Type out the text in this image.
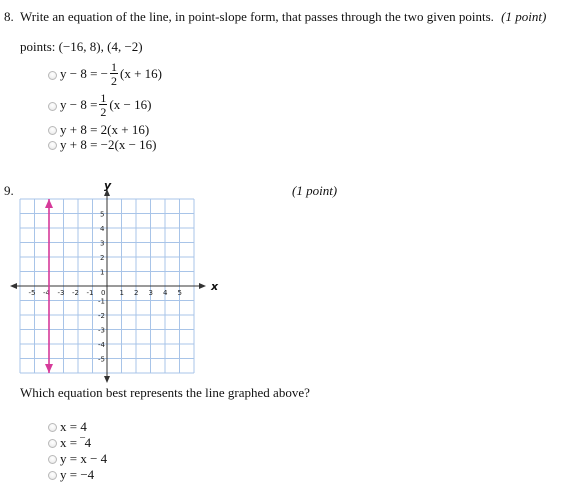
8. Write an equation of the line, in point-slope form, that passes through the two given points. (1 point)
points: (−16, 8), (4, −2)
y − 8 = − $\frac{1}{2} (x + 16)$
$y - 8 = \frac{1}{2} (x - 16)$
y + 8 = 2(x + 16)
y + 8 = −2(x − 16)
9.	(1 point)
x
y
-5 -4 -3 -2 -1 0 1 2 3 4 5
5
4
3
2
1
-1
-2
-3
-4
-5
Which equation best represents the line graphed above?
x = 4
x = ‾4
y = x − 4
y = −4
